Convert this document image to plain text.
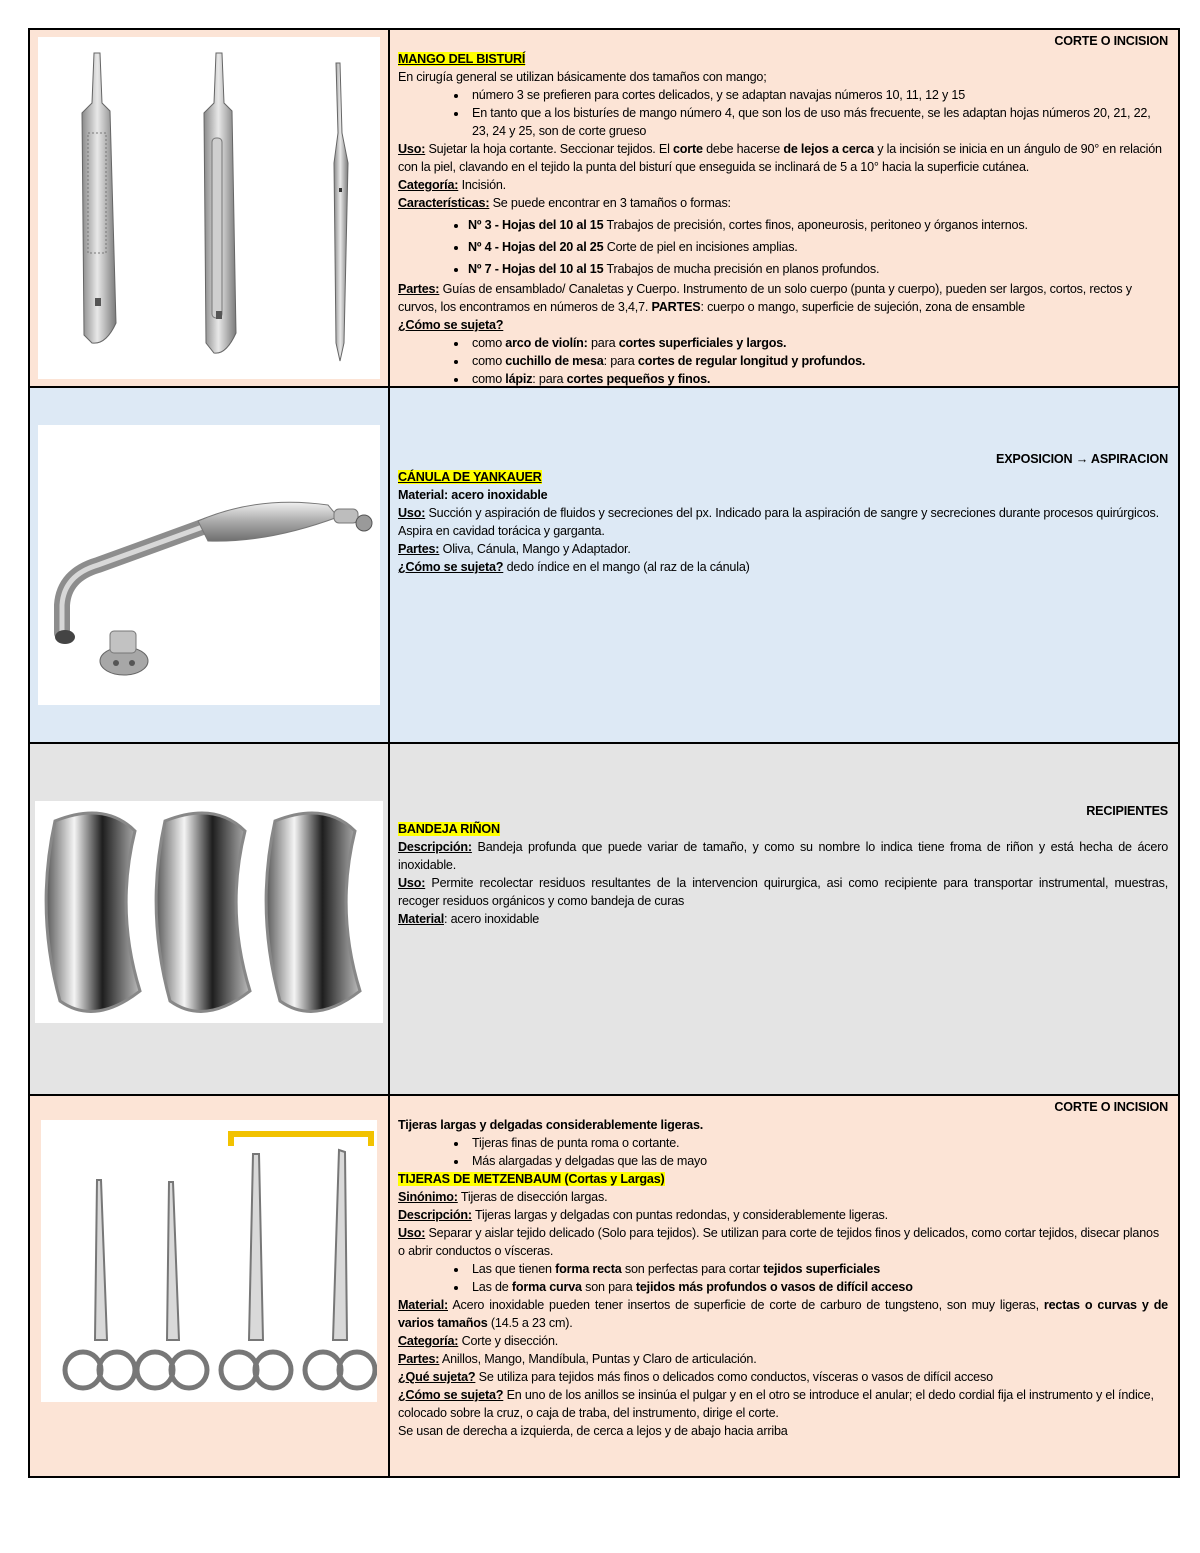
CORTE O INCISION
MANGO DEL BISTURÍ
En cirugía general se utilizan básicamente dos tamaños con mango;
• número 3 se prefieren para cortes delicados, y se adaptan navajas números 10, 11, 12 y 15
• En tanto que a los bisturíes de mango número 4, que son los de uso más frecuente, se les adaptan hojas números 20, 21, 22, 23, 24 y 25, son de corte grueso
Uso: Sujetar la hoja cortante. Seccionar tejidos. El corte debe hacerse de lejos a cerca y la incisión se inicia en un ángulo de 90° en relación con la piel, clavando en el tejido la punta del bisturí que enseguida se inclinará de 5 a 10° hacia la superficie cutánea.
Categoría: Incisión.
Características: Se puede encontrar en 3 tamaños o formas:
• Nº 3 - Hojas del 10 al 15 Trabajos de precisión, cortes finos, aponeurosis, peritoneo y órganos internos.
• Nº 4 - Hojas del 20 al 25 Corte de piel en incisiones amplias.
• Nº 7 - Hojas del 10 al 15 Trabajos de mucha precisión en planos profundos.
Partes: Guías de ensamblado/ Canaletas y Cuerpo. Instrumento de un solo cuerpo (punta y cuerpo), pueden ser largos, cortos, rectos y curvos, los encontramos en números de 3,4,7. PARTES: cuerpo o mango, superficie de sujeción, zona de ensamble
¿Cómo se sujeta?
• como arco de violín: para cortes superficiales y largos.
• como cuchillo de mesa: para cortes de regular longitud y profundos.
• como lápiz: para cortes pequeños y finos.
EXPOSICION → ASPIRACION
CÁNULA DE YANKAUER
Material: acero inoxidable
Uso: Succión y aspiración de fluidos y secreciones del px. Indicado para la aspiración de sangre y secreciones durante procesos quirúrgicos.
Aspira en cavidad torácica y garganta.
Partes: Oliva, Cánula, Mango y Adaptador.
¿Cómo se sujeta? dedo índice en el mango (al raz de la cánula)
RECIPIENTES
BANDEJA RIÑON
Descripción: Bandeja profunda que puede variar de tamaño, y como su nombre lo indica tiene froma de riñon y está hecha de ácero inoxidable.
Uso: Permite recolectar residuos resultantes de la intervencion quirurgica, asi como recipiente para transportar instrumental, muestras, recoger residuos orgánicos y como bandeja de curas
Material: acero inoxidable
CORTE O INCISION
Tijeras largas y delgadas considerablemente ligeras.
• Tijeras finas de punta roma o cortante.
• Más alargadas y delgadas que las de mayo
TIJERAS DE METZENBAUM (Cortas y Largas)
Sinónimo: Tijeras de disección largas.
Descripción: Tijeras largas y delgadas con puntas redondas, y considerablemente ligeras.
Uso: Separar y aislar tejido delicado (Solo para tejidos). Se utilizan para corte de tejidos finos y delicados, como cortar tejidos, disecar planos o abrir conductos o vísceras.
• Las que tienen forma recta son perfectas para cortar tejidos superficiales
• Las de forma curva son para tejidos más profundos o vasos de difícil acceso
Material: Acero inoxidable pueden tener insertos de superficie de corte de carburo de tungsteno, son muy ligeras, rectas o curvas y de varios tamaños (14.5 a 23 cm).
Categoría: Corte y disección.
Partes: Anillos, Mango, Mandíbula, Puntas y Claro de articulación.
¿Qué sujeta? Se utiliza para tejidos más finos o delicados como conductos, vísceras o vasos de difícil acceso
¿Cómo se sujeta? En uno de los anillos se insinúa el pulgar y en el otro se introduce el anular; el dedo cordial fija el instrumento y el índice, colocado sobre la cruz, o caja de traba, del instrumento, dirige el corte.
Se usan de derecha a izquierda, de cerca a lejos y de abajo hacia arriba
